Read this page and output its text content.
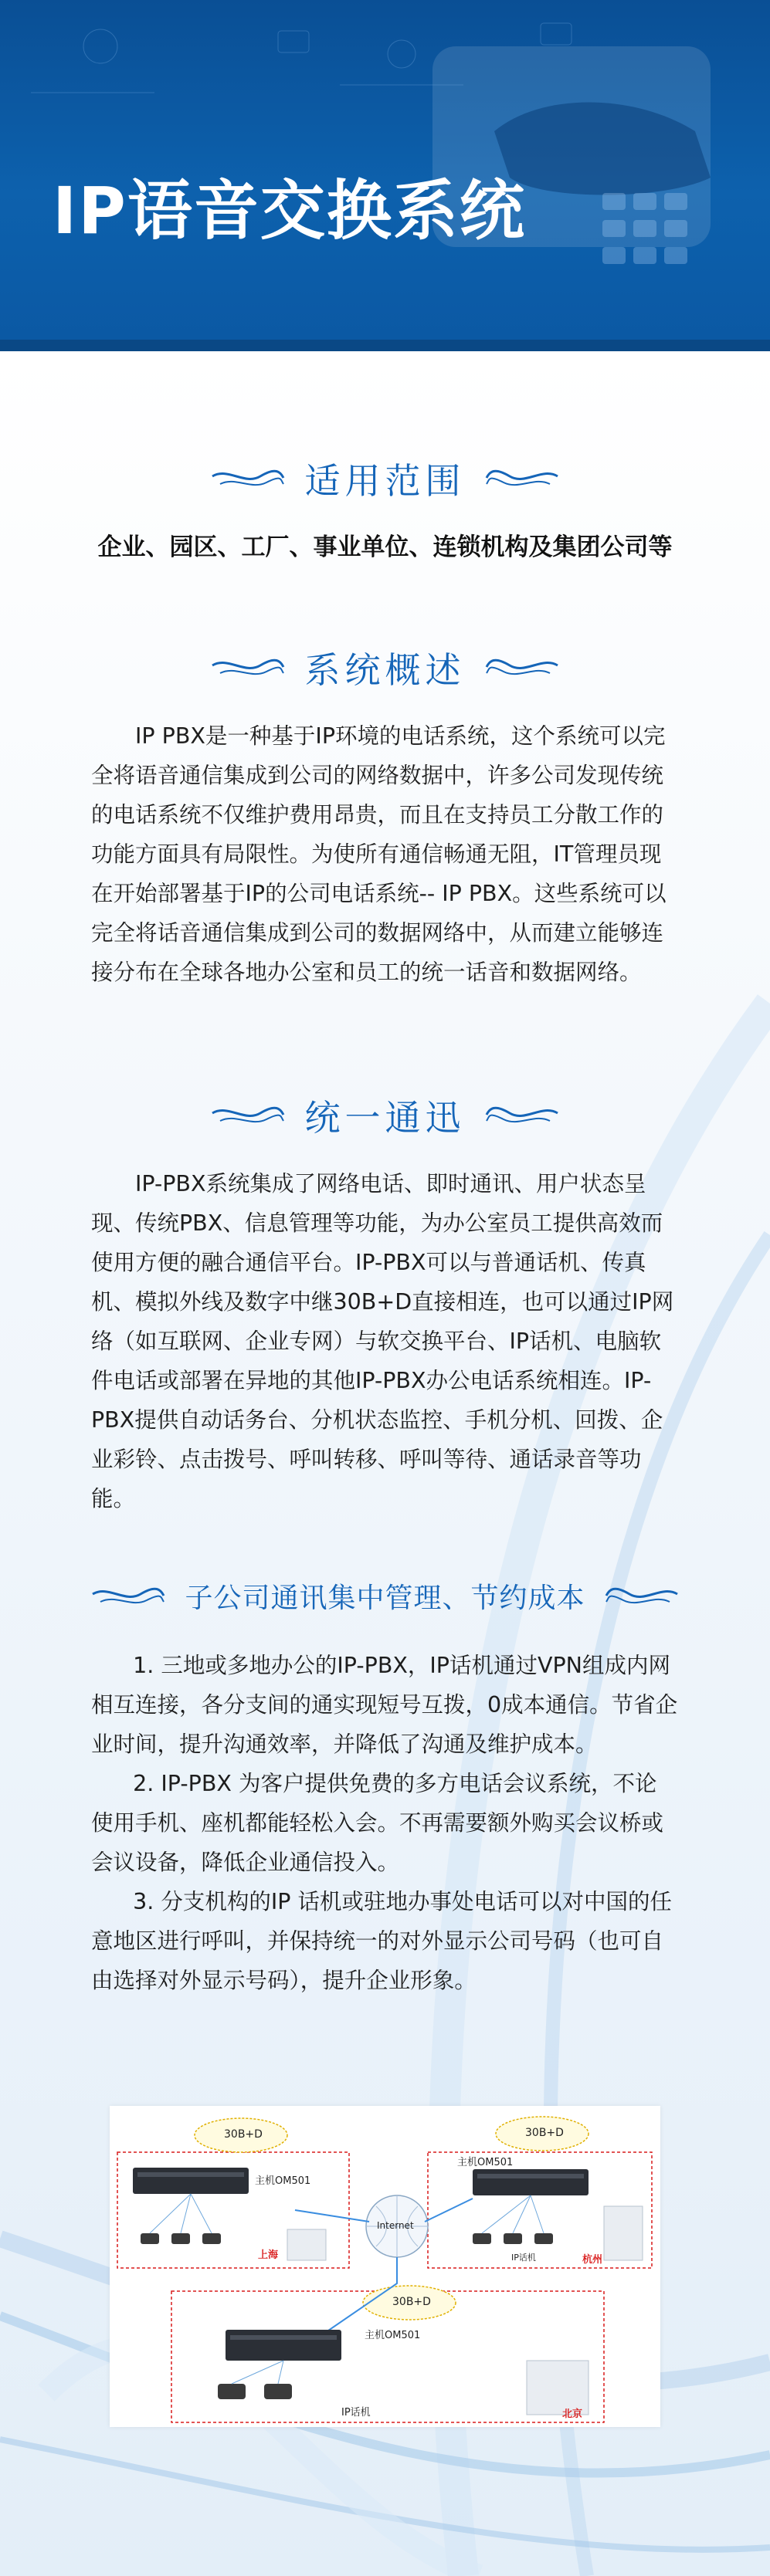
IP语音交换系统
适用范围
企业、园区、工厂、事业单位、连锁机构及集团公司等
系统概述

IP PBX是一种基于IP环境的电话系统，这个系统可以完全将语音通信集成到公司的网络数据中，许多公司发现传统的电话系统不仅维护费用昂贵，而且在支持员工分散工作的功能方面具有局限性。为使所有通信畅通无阻，IT管理员现在开始部署基于IP的公司电话系统-- IP PBX。这些系统可以完全将话音通信集成到公司的数据网络中，从而建立能够连接分布在全球各地办公室和员工的统一话音和数据网络。

统一通迅

IP-PBX系统集成了网络电话、即时通讯、用户状态呈现、传统PBX、信息管理等功能，为办公室员工提供高效而使用方便的融合通信平台。IP-PBX可以与普通话机、传真机、模拟外线及数字中继30B+D直接相连，也可以通过IP网络（如互联网、企业专网）与软交换平台、IP话机、电脑软件电话或部署在异地的其他IP-PBX办公电话系统相连。IP-PBX提供自动话务台、分机状态监控、手机分机、回拨、企业彩铃、点击拨号、呼叫转移、呼叫等待、通话录音等功能。

子公司通讯集中管理、节约成本

1. 三地或多地办公的IP-PBX，IP话机通过VPN组成内网相互连接，各分支间的通实现短号互拨，0成本通信。节省企业时间，提升沟通效率，并降低了沟通及维护成本。

2. IP-PBX 为客户提供免费的多方电话会议系统，不论使用手机、座机都能轻松入会。不再需要额外购买会议桥或会议设备，降低企业通信投入。

3. 分支机构的IP 话机或驻地办事处电话可以对中国的任意地区进行呼叫，并保持统一的对外显示公司号码（也可自由选择对外显示号码），提升企业形象。

30B+D	30B+D
30B+D
主机OM501
主机OM501
主机OM501
Internet
IP话机
IP话机
上海	杭州
北京
